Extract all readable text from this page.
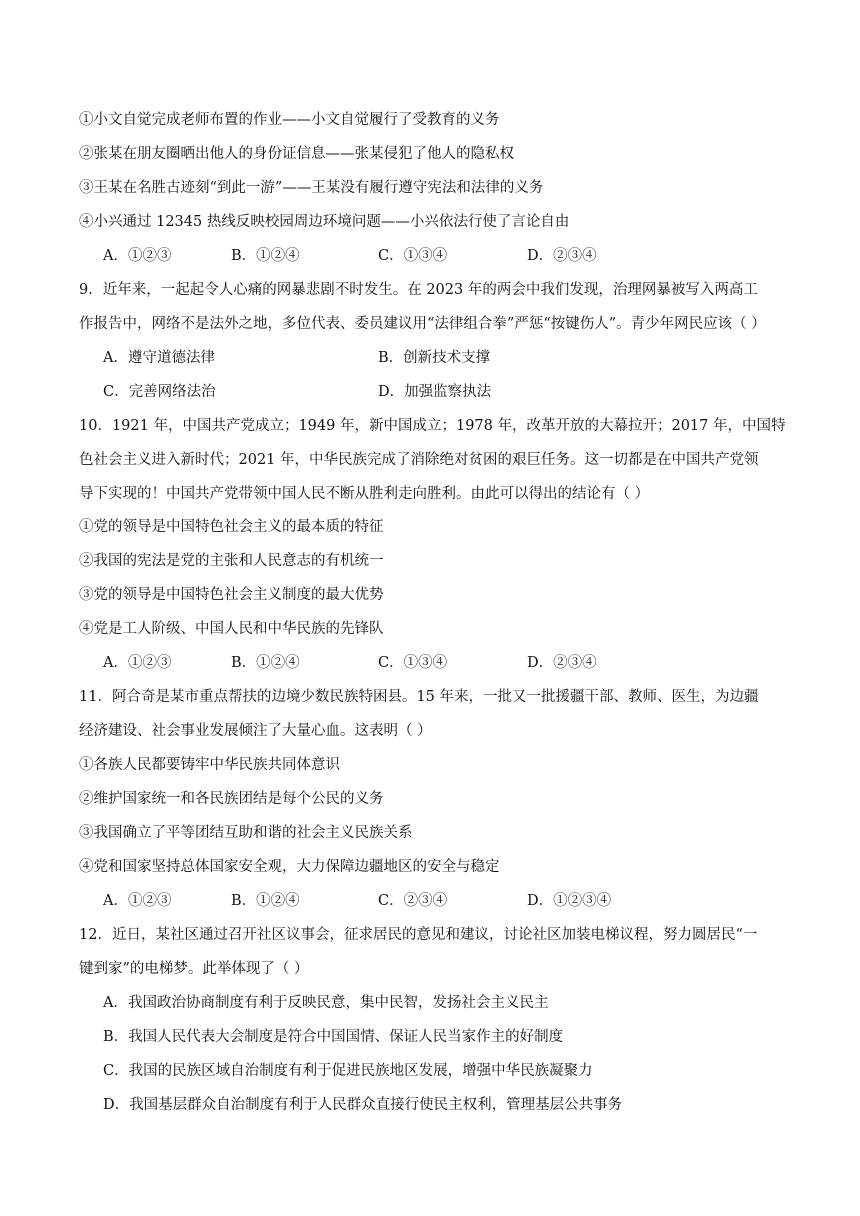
①小文自觉完成老师布置的作业——小文自觉履行了受教育的义务
②张某在朋友圈晒出他人的身份证信息——张某侵犯了他人的隐私权
③王某在名胜古迹刻“到此一游”——王某没有履行遵守宪法和法律的义务
④小兴通过 12345 热线反映校园周边环境问题——小兴依法行使了言论自由
A．①②③	B．①②④	C．①③④	D．②③④
9．近年来，一起起令人心痛的网暴悲剧不时发生。在 2023 年的两会中我们发现，治理网暴被写入两高工
作报告中，网络不是法外之地，多位代表、委员建议用“法律组合拳”严惩“按键伤人”。青少年网民应该（ ）
A．遵守道德法律	B．创新技术支撑
C．完善网络法治	D．加强监察执法
10．1921 年，中国共产党成立；1949 年，新中国成立；1978 年，改革开放的大幕拉开；2017 年，中国特
色社会主义进入新时代；2021 年，中华民族完成了消除绝对贫困的艰巨任务。这一切都是在中国共产党领
导下实现的！中国共产党带领中国人民不断从胜利走向胜利。由此可以得出的结论有（ ）
①党的领导是中国特色社会主义的最本质的特征
②我国的宪法是党的主张和人民意志的有机统一
③党的领导是中国特色社会主义制度的最大优势
④党是工人阶级、中国人民和中华民族的先锋队
A．①②③	B．①②④	C．①③④	D．②③④
11．阿合奇是某市重点帮扶的边境少数民族特困县。15 年来，一批又一批援疆干部、教师、医生，为边疆
经济建设、社会事业发展倾注了大量心血。这表明（ ）
①各族人民都要铸牢中华民族共同体意识
②维护国家统一和各民族团结是每个公民的义务
③我国确立了平等团结互助和谐的社会主义民族关系
④党和国家坚持总体国家安全观，大力保障边疆地区的安全与稳定
A．①②③	B．①②④	C．②③④	D．①②③④
12．近日，某社区通过召开社区议事会，征求居民的意见和建议，讨论社区加装电梯议程，努力圆居民“一
键到家”的电梯梦。此举体现了（ ）
A．我国政治协商制度有利于反映民意，集中民智，发扬社会主义民主
B．我国人民代表大会制度是符合中国国情、保证人民当家作主的好制度
C．我国的民族区域自治制度有利于促进民族地区发展，增强中华民族凝聚力
D．我国基层群众自治制度有利于人民群众直接行使民主权利，管理基层公共事务
